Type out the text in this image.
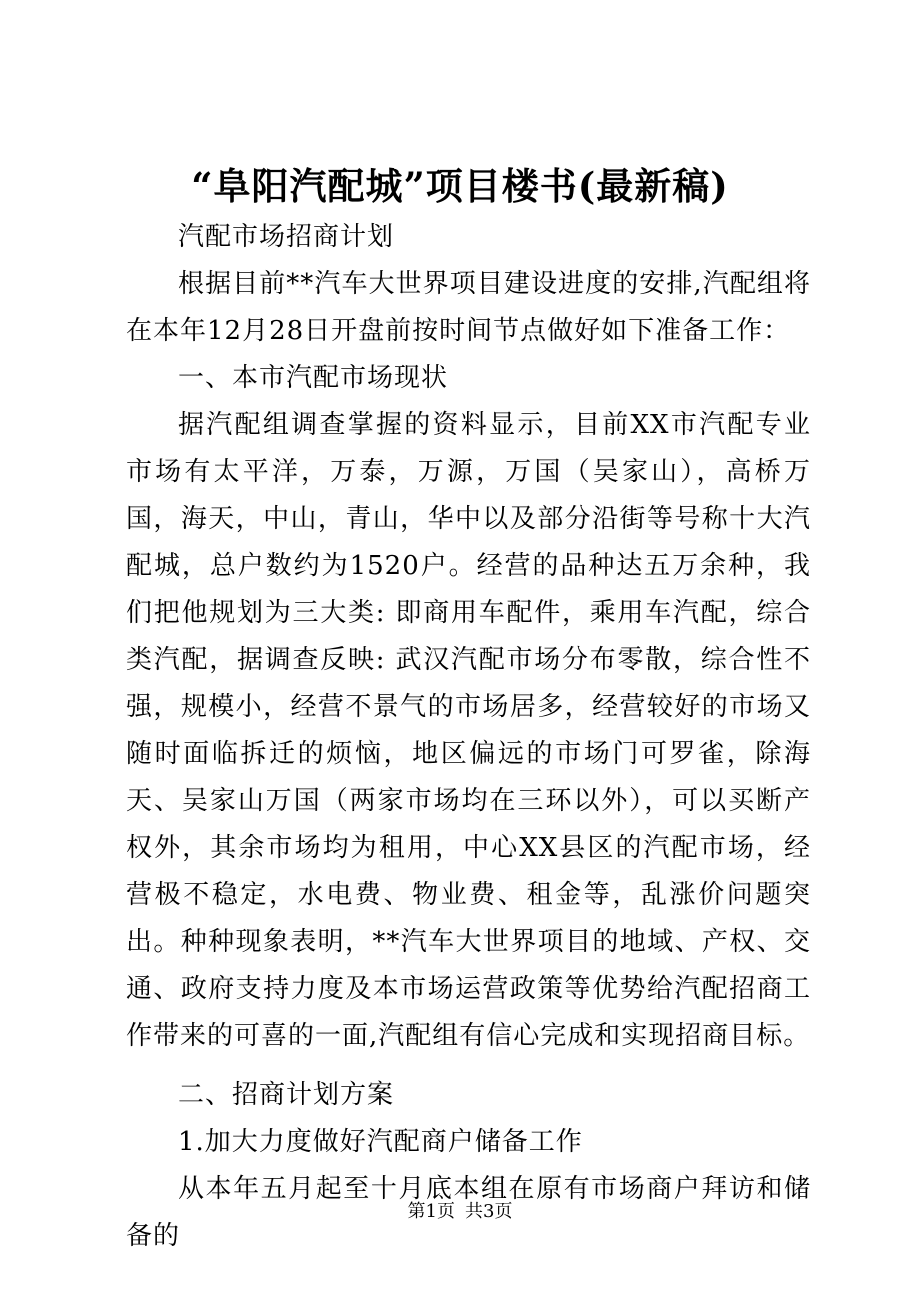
“阜阳汽配城”项目楼书(最新稿)

汽配市场招商计划

根据目前**汽车大世界项目建设进度的安排,汽配组将在本年12月28日开盘前按时间节点做好如下准备工作：

一、本市汽配市场现状

据汽配组调查掌握的资料显示，目前XX市汽配专业市场有太平洋，万泰，万源，万国（吴家山），高桥万国，海天，中山，青山，华中以及部分沿街等号称十大汽配城，总户数约为1520户。经营的品种达五万余种，我们把他规划为三大类: 即商用车配件，乘用车汽配，综合类汽配，据调查反映: 武汉汽配市场分布零散，综合性不强，规模小，经营不景气的市场居多，经营较好的市场又随时面临拆迁的烦恼，地区偏远的市场门可罗雀，除海天、吴家山万国（两家市场均在三环以外），可以买断产权外，其余市场均为租用，中心XX县区的汽配市场，经营极不稳定，水电费、物业费、租金等，乱涨价问题突出。种种现象表明，**汽车大世界项目的地域、产权、交通、政府支持力度及本市场运营政策等优势给汽配招商工作带来的可喜的一面,汽配组有信心完成和实现招商目标。

二、招商计划方案

1.加大力度做好汽配商户储备工作

从本年五月起至十月底本组在原有市场商户拜访和储备的

第1页 共3页
